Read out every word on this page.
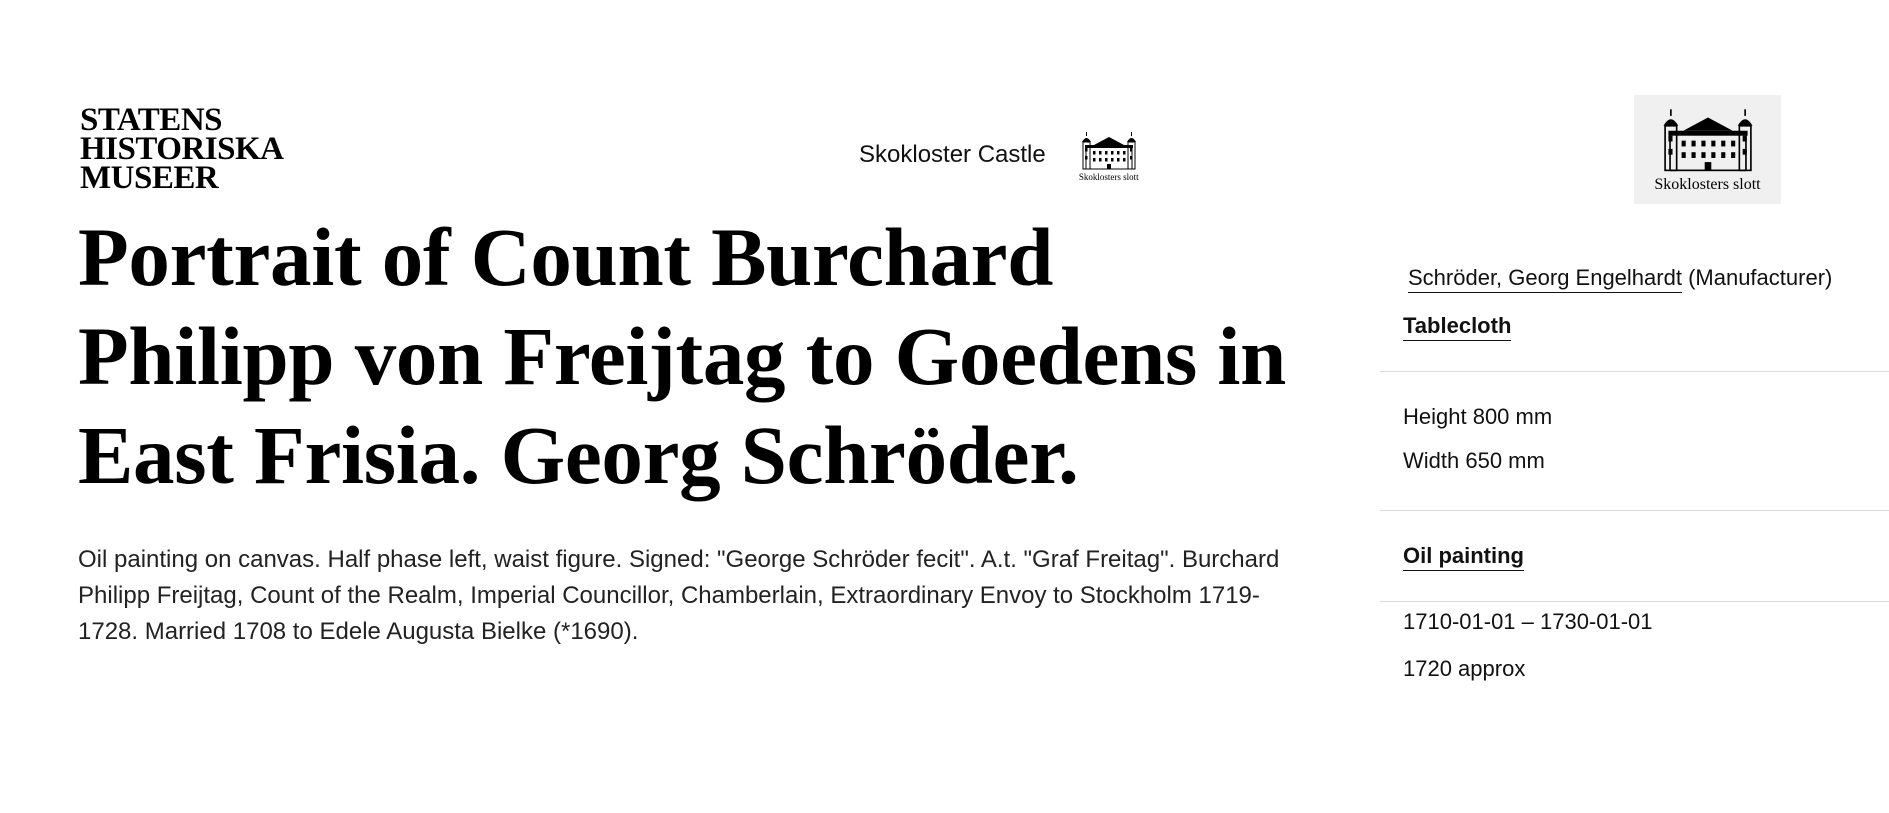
STATENS
HISTORISKA
MUSEER
Skokloster Castle
Skoklosters slott
Portrait of Count Burchard Philipp von Freijtag to Goedens in East Frisia. Georg Schröder.

Oil painting on canvas. Half phase left, waist figure. Signed: "George Schröder fecit". A.t. "Graf Freitag". Burchard Philipp Freijtag, Count of the Realm, Imperial Councillor, Chamberlain, Extraordinary Envoy to Stockholm 1719-1728. Married 1708 to Edele Augusta Bielke (*1690).

Skoklosters slott
Schröder, Georg Engelhardt (Manufacturer)
Tablecloth
Height 800 mm
Width 650 mm
Oil painting
1710-01-01 – 1730-01-01
1720 approx
